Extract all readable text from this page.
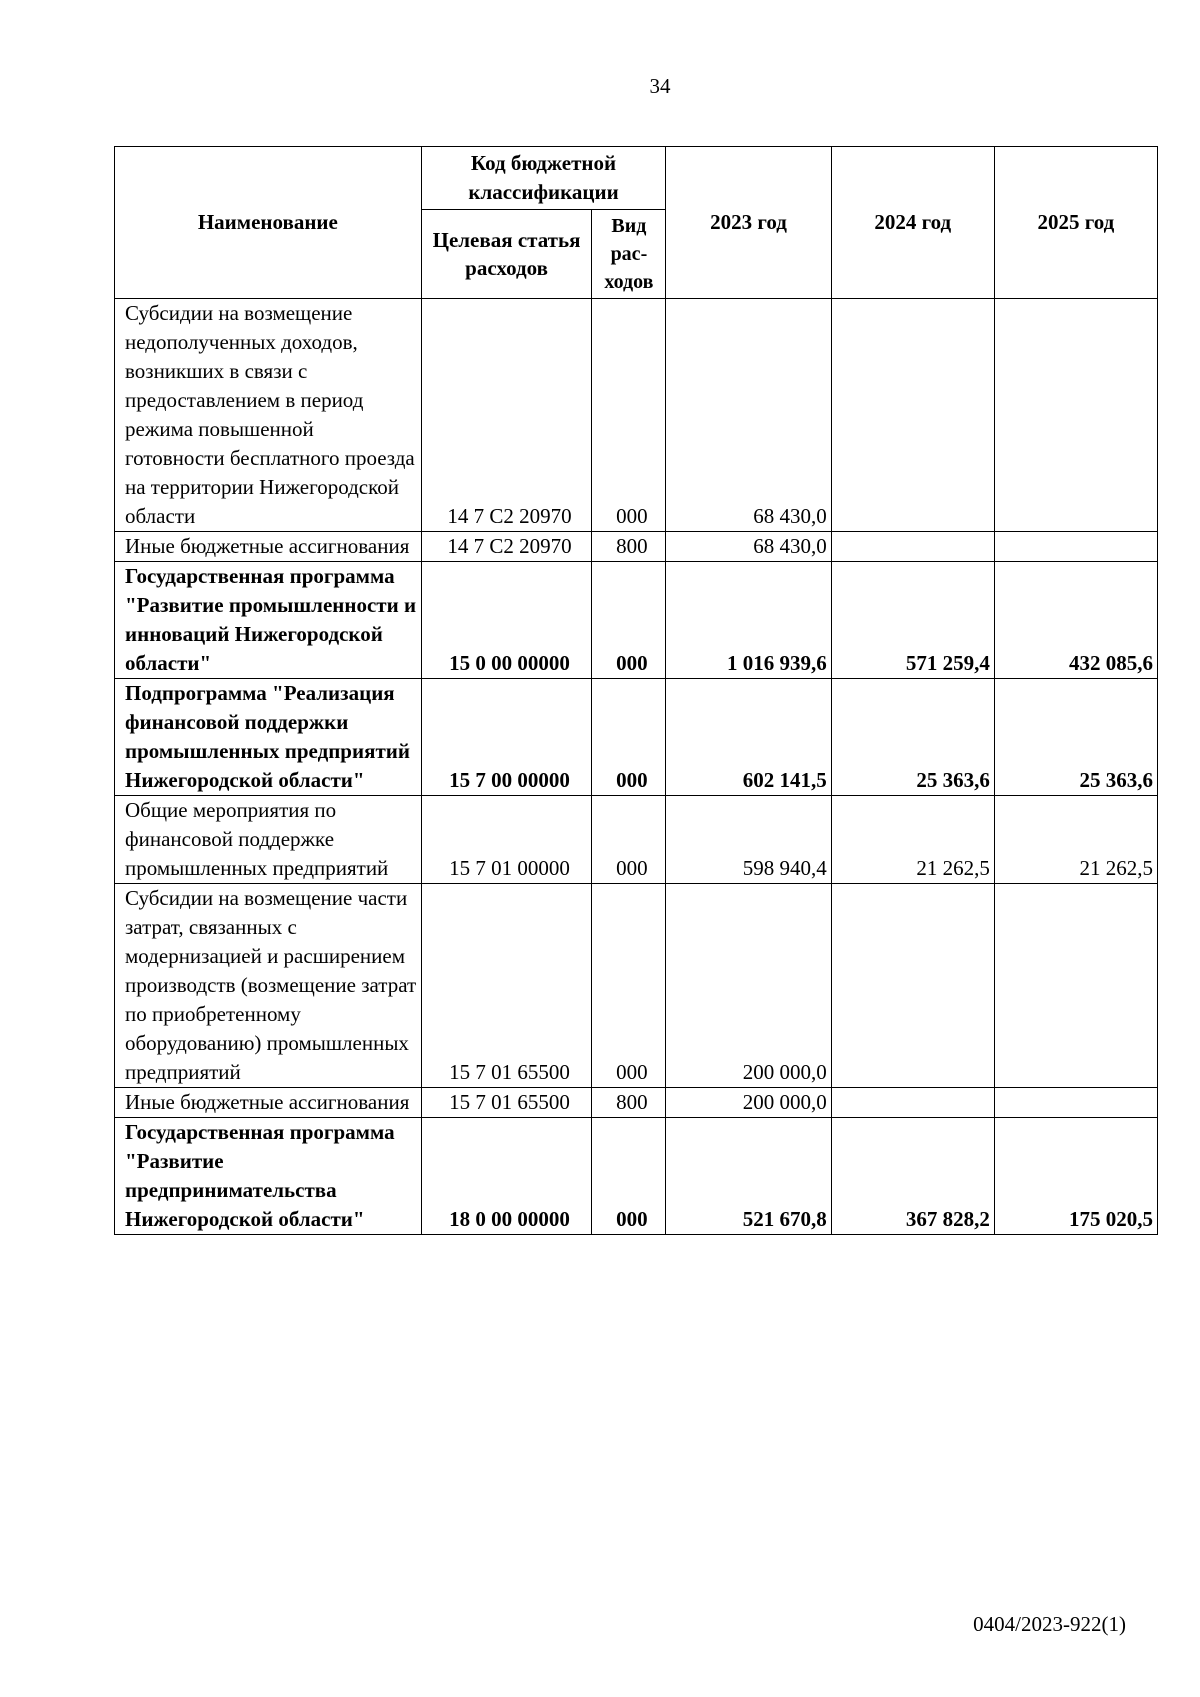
34
Наименование	Код бюджетной классификации		2023 год	2024 год	2025 год
	Целевая статья расходов	Вид рас-ходов			
Субсидии на возмещение недополученных доходов, возникших в связи с предоставлением в период режима повышенной готовности бесплатного проезда на территории Нижегородской области	14 7 С2 20970	000	68 430,0		
Иные бюджетные ассигнования	14 7 С2 20970	800	68 430,0		
Государственная программа "Развитие промышленности и инноваций Нижегородской области"	15 0 00 00000	000	1 016 939,6	571 259,4	432 085,6
Подпрограмма "Реализация финансовой поддержки промышленных предприятий Нижегородской области"	15 7 00 00000	000	602 141,5	25 363,6	25 363,6
Общие мероприятия по финансовой поддержке промышленных предприятий	15 7 01 00000	000	598 940,4	21 262,5	21 262,5
Субсидии на возмещение части затрат, связанных с модернизацией и расширением производств (возмещение затрат по приобретенному оборудованию) промышленных предприятий	15 7 01 65500	000	200 000,0		
Иные бюджетные ассигнования	15 7 01 65500	800	200 000,0		
Государственная программа "Развитие предпринимательства Нижегородской области"	18 0 00 00000	000	521 670,8	367 828,2	175 020,5
0404/2023-922(1)
